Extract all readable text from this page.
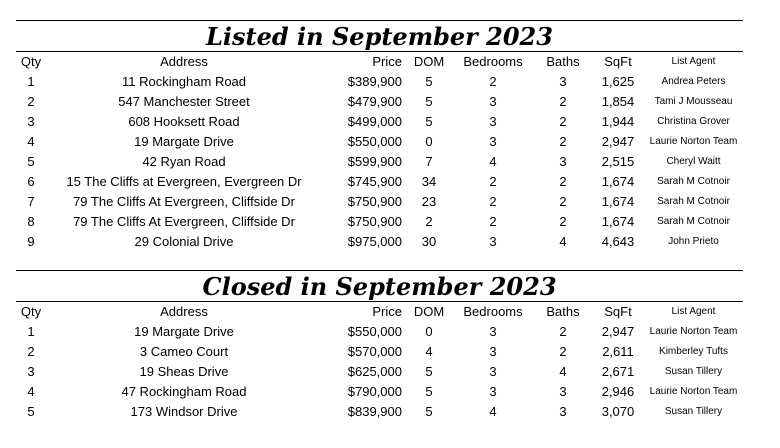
Listed in September 2023
Qty	Address	Price	DOM	Bedrooms	Baths	SqFt	List Agent
1	11 Rockingham Road	$389,900	5	2	3	1,625	Andrea Peters
2	547 Manchester Street	$479,900	5	3	2	1,854	Tami J Mousseau
3	608 Hooksett Road	$499,000	5	3	2	1,944	Christina Grover
4	19 Margate Drive	$550,000	0	3	2	2,947	Laurie Norton Team
5	42 Ryan Road	$599,900	7	4	3	2,515	Cheryl Waitt
6	15 The Cliffs at Evergreen, Evergreen Dr	$745,900	34	2	2	1,674	Sarah M Cotnoir
7	79 The Cliffs At Evergreen, Cliffside Dr	$750,900	23	2	2	1,674	Sarah M Cotnoir
8	79 The Cliffs At Evergreen, Cliffside Dr	$750,900	2	2	2	1,674	Sarah M Cotnoir
9	29 Colonial Drive	$975,000	30	3	4	4,643	John Prieto
Closed in September 2023
Qty	Address	Price	DOM	Bedrooms	Baths	SqFt	List Agent
1	19 Margate Drive	$550,000	0	3	2	2,947	Laurie Norton Team
2	3 Cameo Court	$570,000	4	3	2	2,611	Kimberley Tufts
3	19 Sheas Drive	$625,000	5	3	4	2,671	Susan Tillery
4	47 Rockingham Road	$790,000	5	3	3	2,946	Laurie Norton Team
5	173 Windsor Drive	$839,900	5	4	3	3,070	Susan Tillery
